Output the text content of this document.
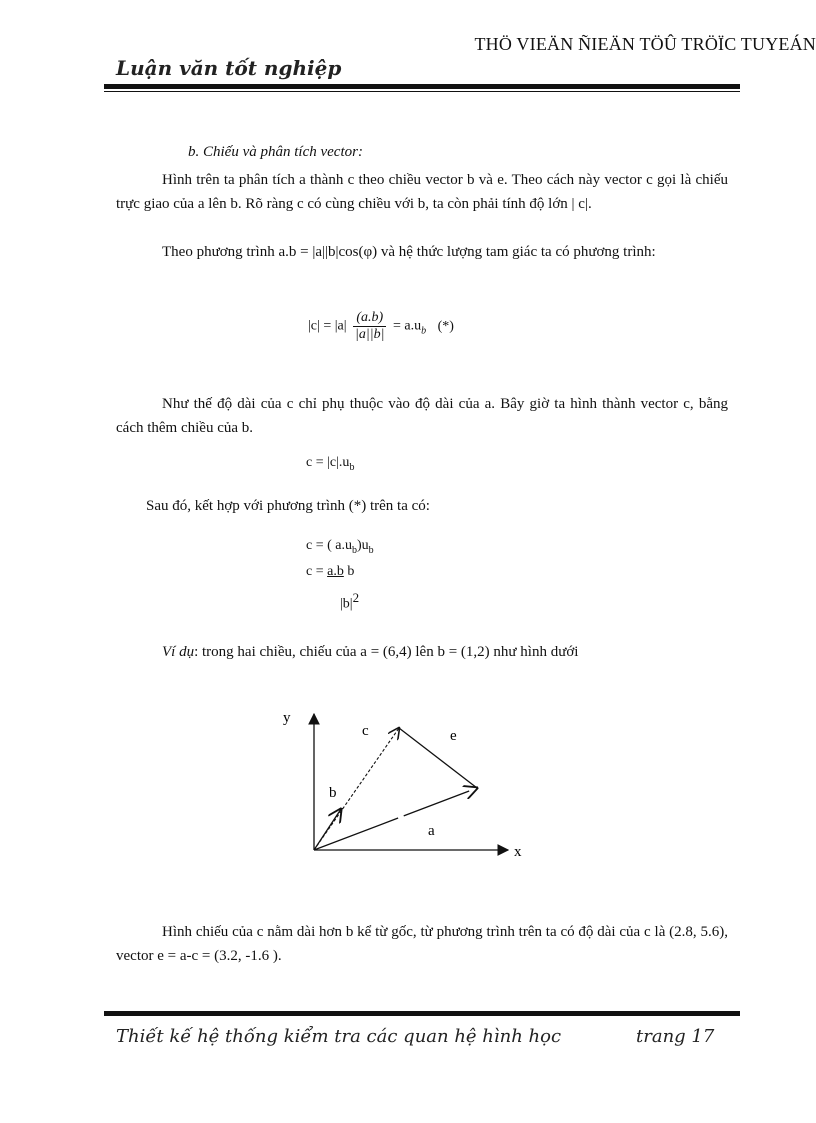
THÖ VIEÄN ÑIEÄN TÖÛ TRÖÏC TUYEÁN
Luận văn tốt nghiệp
b. Chiếu và phân tích vector:
Hình trên ta phân tích a thành c theo chiều vector b và e. Theo cách này vector c gọi là chiếu trực giao của a lên b. Rõ ràng c có cùng chiều với b, ta còn phải tính độ lớn | c|.
Theo phương trình a.b = |a||b|cos(φ) và hệ thức lượng tam giác ta có phương trình:
$|c| = |a| \frac{(a.b)}{|a||b|} = a.u_b$ (*)
Như thế độ dài của c chỉ phụ thuộc vào độ dài của a. Bây giờ ta hình thành vector c, bằng cách thêm chiều của b.
$c = |c|.u_b$
Sau đó, kết hợp với phương trình (*) trên ta có:
c = ( $a.u_b)u_b$
c = a.b b
$|b|^2$
Ví dụ: trong hai chiều, chiếu của a = (6,4) lên b = (1,2) như hình dưới
y
c	e
b
a
x
Hình chiếu của c nằm dài hơn b kể từ gốc, từ phương trình trên ta có độ dài của c là (2.8, 5.6), vector e = a-c = (3.2, -1.6 ).
Thiết kế hệ thống kiểm tra các quan hệ hình học	trang 17
